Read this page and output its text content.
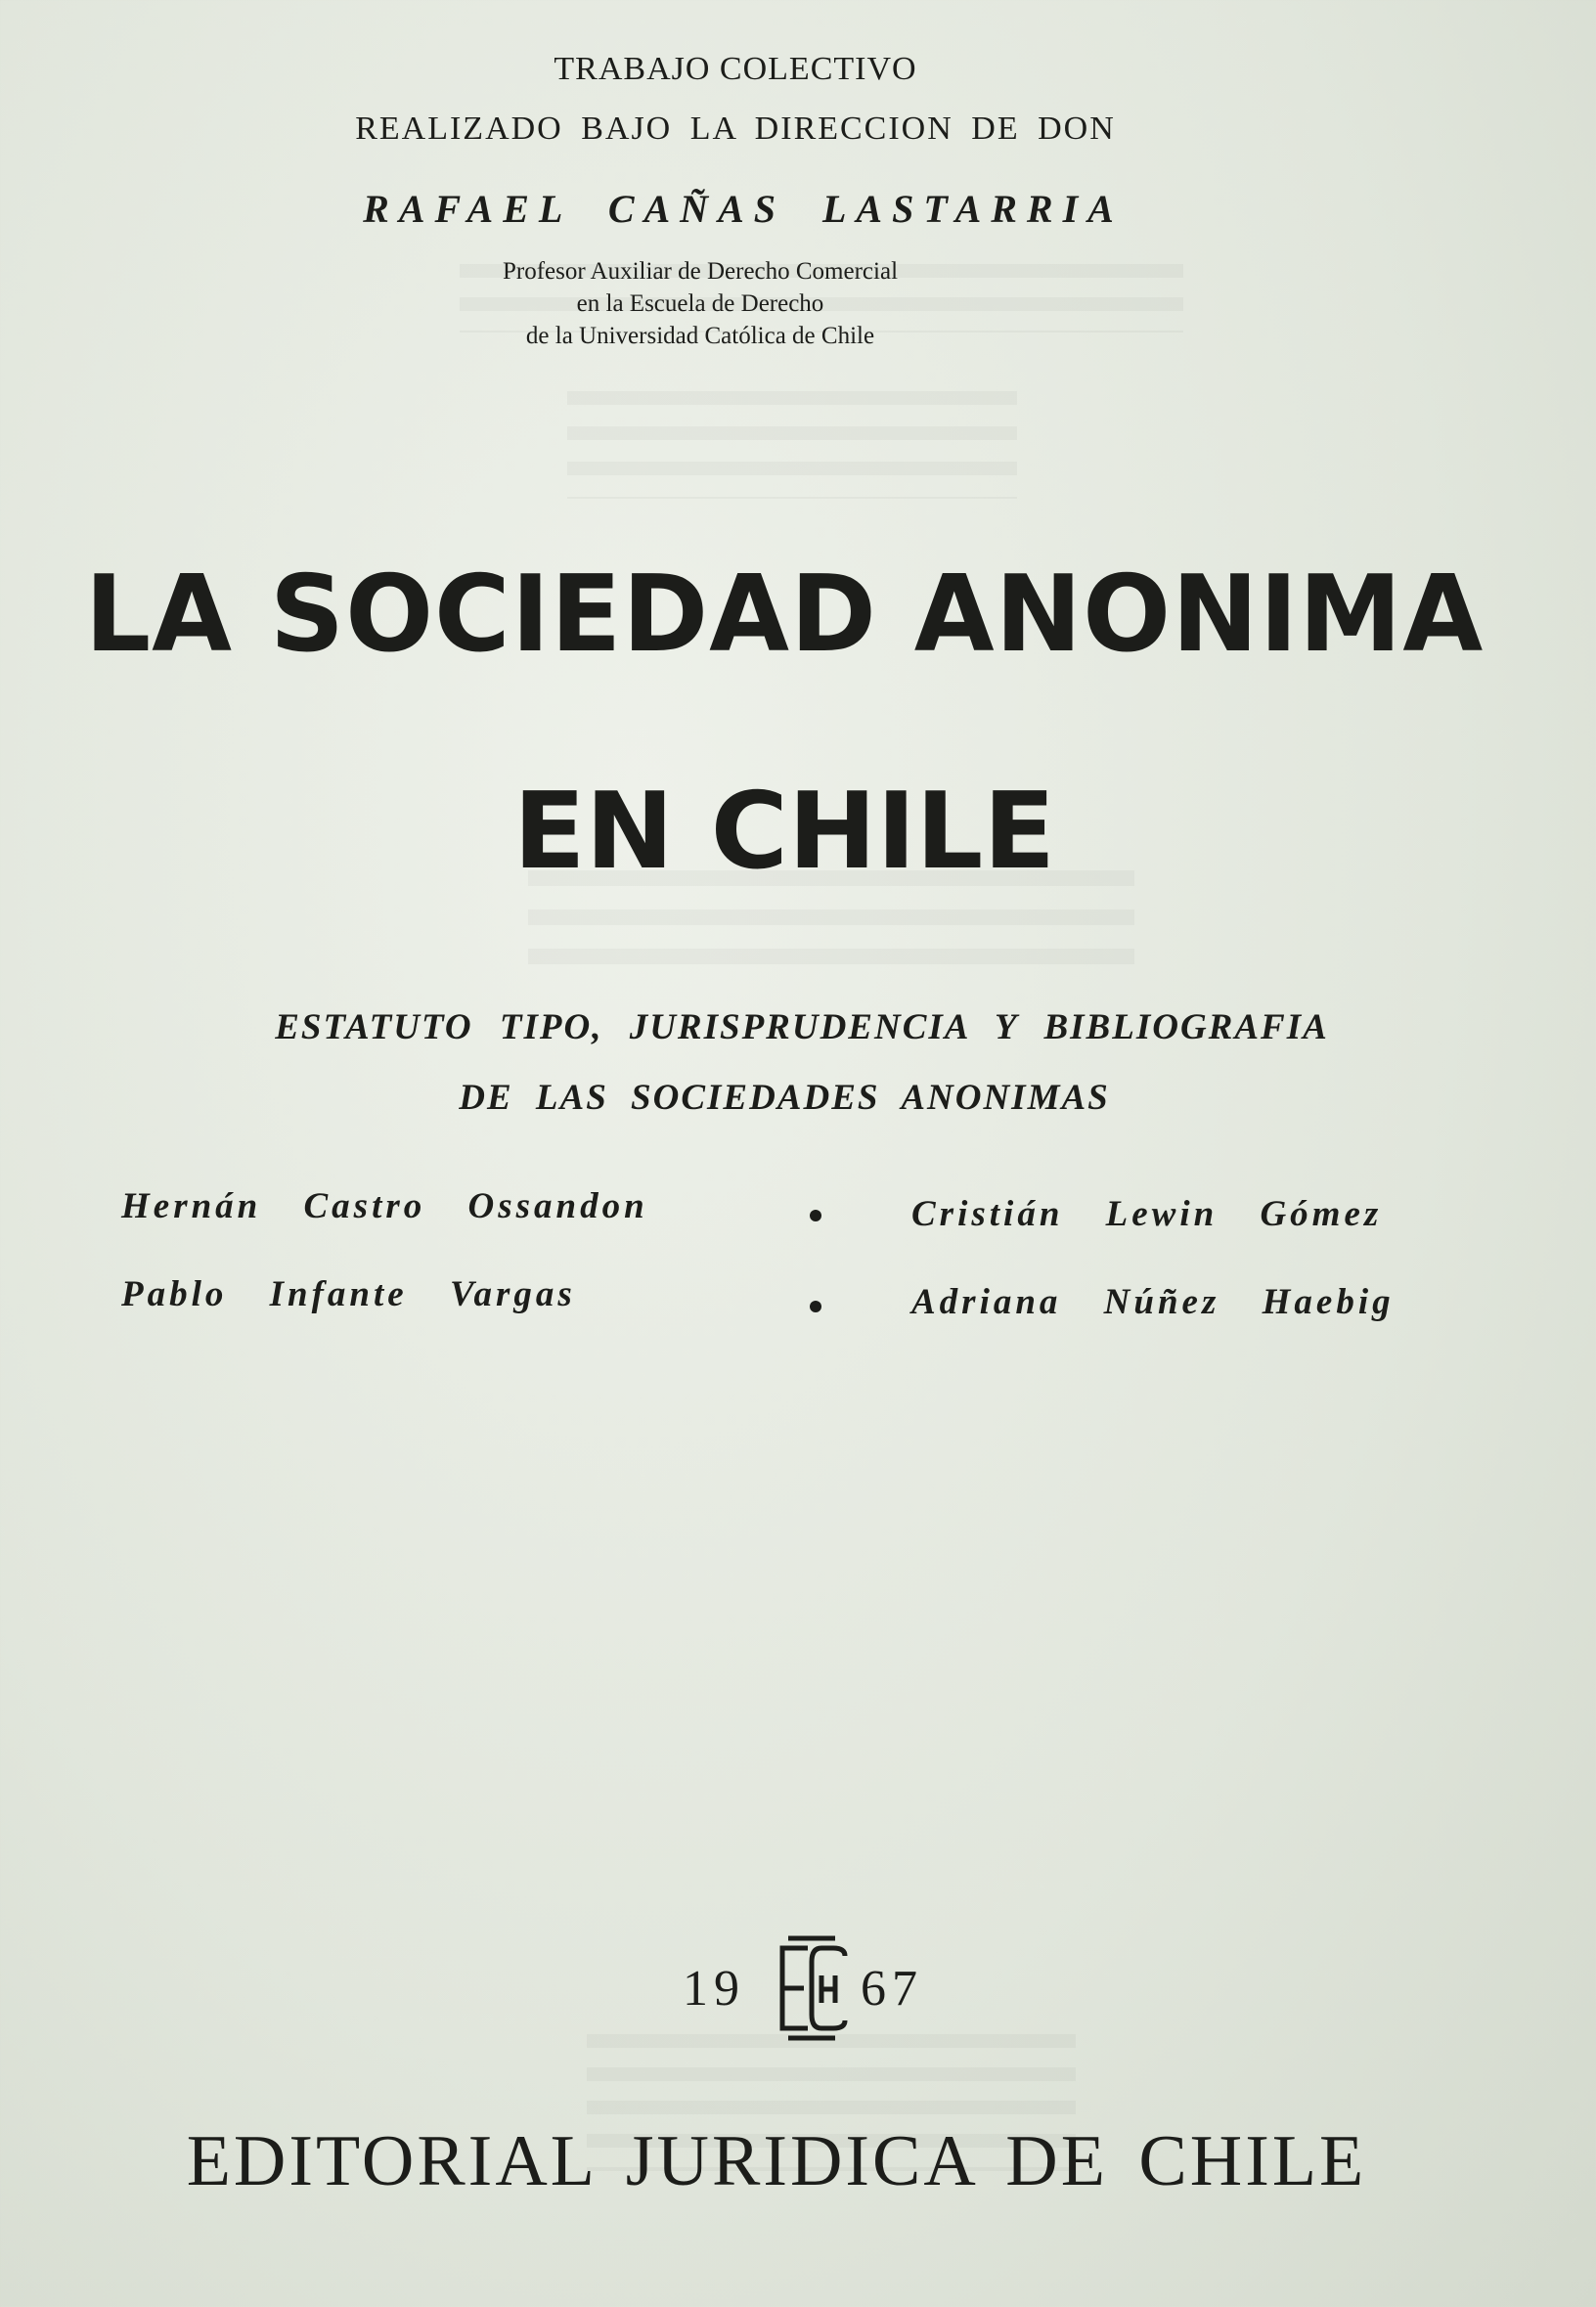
TRABAJO COLECTIVO
REALIZADO BAJO LA DIRECCION DE DON
RAFAEL CAÑAS LASTARRIA
Profesor Auxiliar de Derecho Comercial
en la Escuela de Derecho
de la Universidad Católica de Chile
LA SOCIEDAD ANONIMA
EN CHILE
ESTATUTO TIPO, JURISPRUDENCIA Y BIBLIOGRAFIA
DE LAS SOCIEDADES ANONIMAS
Hernán Castro Ossandon	Cristián Lewin Gómez
Pablo Infante Vargas	Adriana Núñez Haebig
19 67
EDITORIAL JURIDICA DE CHILE
